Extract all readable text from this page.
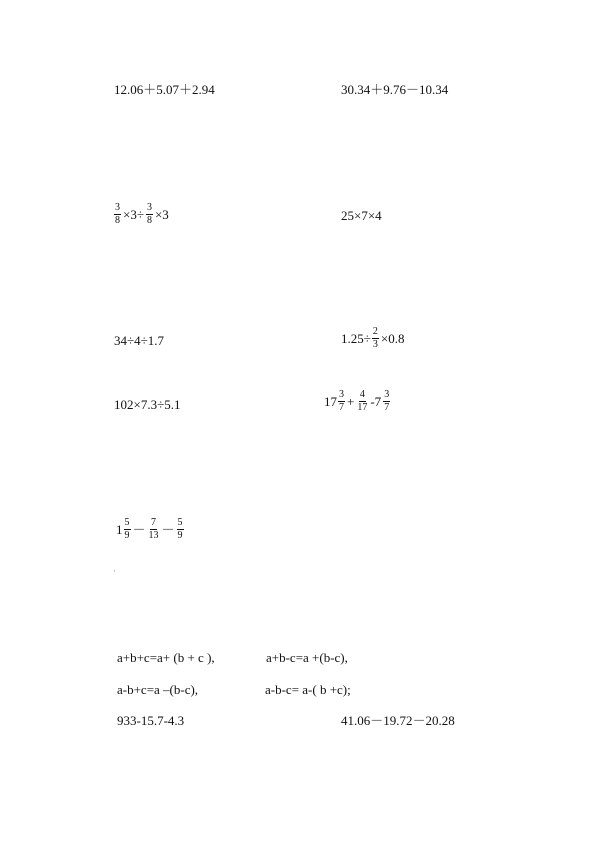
12.06＋5.07＋2.94	30.34＋9.76－10.34
$\frac{3}{8} \times 3\div \frac{3}{8} \times 3$	25×7×4
34÷4÷1.7	$1.25\div \frac{2}{3} \times 0.8$
102×7.3÷5.1	$17 \frac{3}{7} + \frac{4}{17} -7 \frac{3}{7}$
$1 \frac{5}{9} - \frac{7}{13} - \frac{5}{9}$
ˈ
a+b+c=a+ (b + c ),	a+b-c=a +(b-c),
a-b+c=a –(b-c),	a-b-c= a-( b +c);
933-15.7-4.3	41.06－19.72－20.28
